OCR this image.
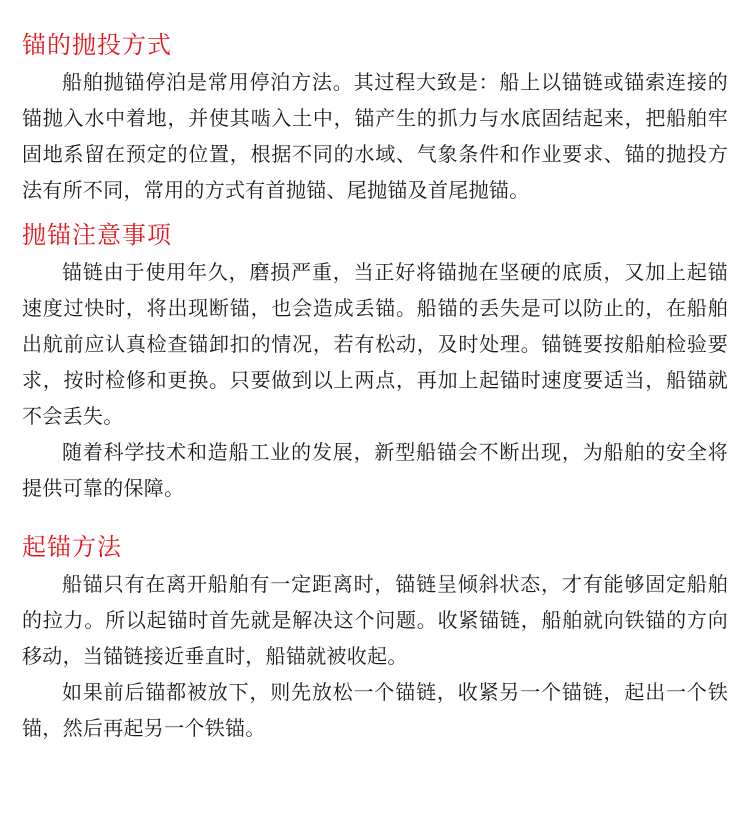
锚的抛投方式

船舶抛锚停泊是常用停泊方法。其过程大致是：船上以锚链或锚索连接的锚抛入水中着地，并使其啮入土中，锚产生的抓力与水底固结起来，把船舶牢固地系留在预定的位置，根据不同的水域、气象条件和作业要求、锚的抛投方法有所不同，常用的方式有首抛锚、尾抛锚及首尾抛锚。

抛锚注意事项

锚链由于使用年久，磨损严重，当正好将锚抛在坚硬的底质，又加上起锚速度过快时，将出现断锚，也会造成丢锚。船锚的丢失是可以防止的，在船舶出航前应认真检查锚卸扣的情况，若有松动，及时处理。锚链要按船舶检验要求，按时检修和更换。只要做到以上两点，再加上起锚时速度要适当，船锚就不会丢失。

随着科学技术和造船工业的发展，新型船锚会不断出现，为船舶的安全将提供可靠的保障。

起锚方法

船锚只有在离开船舶有一定距离时，锚链呈倾斜状态，才有能够固定船舶的拉力。所以起锚时首先就是解决这个问题。收紧锚链，船舶就向铁锚的方向移动，当锚链接近垂直时，船锚就被收起。

如果前后锚都被放下，则先放松一个锚链，收紧另一个锚链，起出一个铁锚，然后再起另一个铁锚。
